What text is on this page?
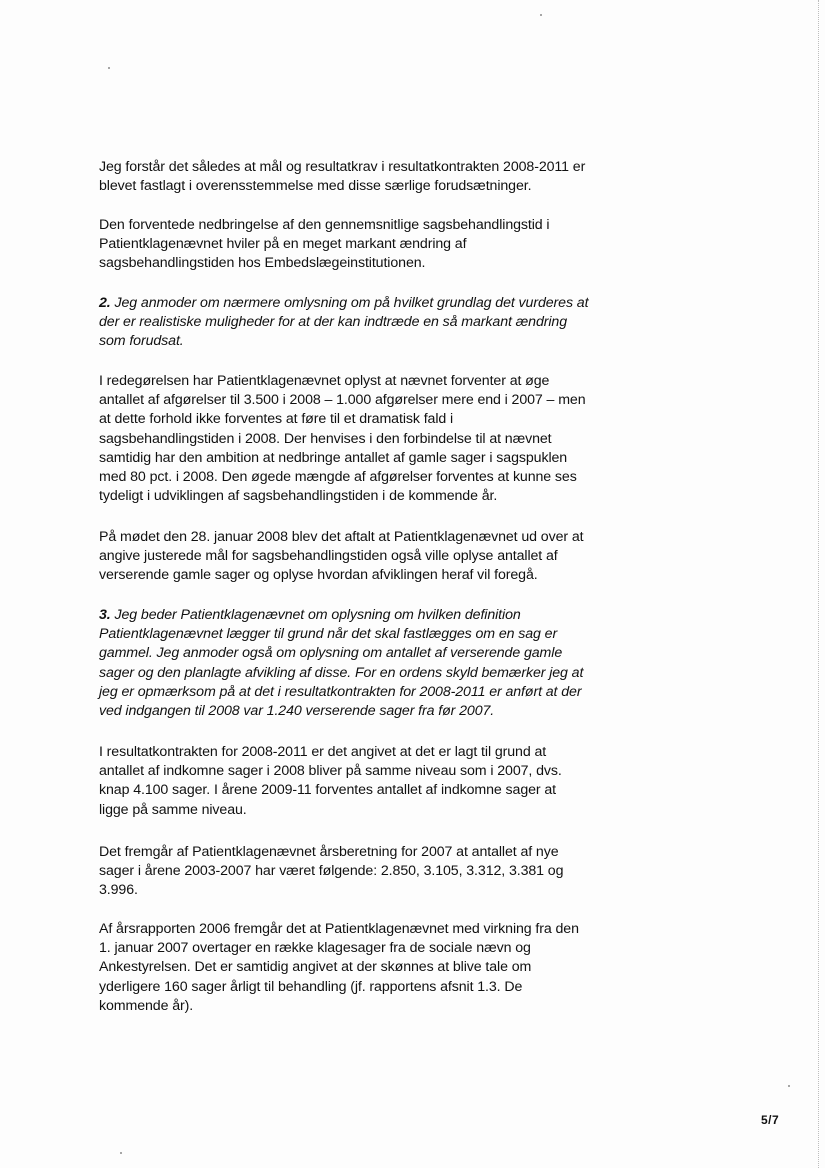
Jeg forstår det således at mål og resultatkrav i resultatkontrakten 2008-2011 er blevet fastlagt i overensstemmelse med disse særlige forudsætninger.

Den forventede nedbringelse af den gennemsnitlige sagsbehandlingstid i Patientklagenævnet hviler på en meget markant ændring af sagsbehandlingstiden hos Embedslægeinstitutionen.

2. Jeg anmoder om nærmere omlysning om på hvilket grundlag det vurderes at der er realistiske muligheder for at der kan indtræde en så markant ændring som forudsat.

I redegørelsen har Patientklagenævnet oplyst at nævnet forventer at øge antallet af afgørelser til 3.500 i 2008 – 1.000 afgørelser mere end i 2007 – men at dette forhold ikke forventes at føre til et dramatisk fald i sagsbehandlingstiden i 2008. Der henvises i den forbindelse til at nævnet samtidig har den ambition at nedbringe antallet af gamle sager i sagspuklen med 80 pct. i 2008. Den øgede mængde af afgørelser forventes at kunne ses tydeligt i udviklingen af sagsbehandlingstiden i de kommende år.

På mødet den 28. januar 2008 blev det aftalt at Patientklagenævnet ud over at angive justerede mål for sagsbehandlingstiden også ville oplyse antallet af verserende gamle sager og oplyse hvordan afviklingen heraf vil foregå.

3. Jeg beder Patientklagenævnet om oplysning om hvilken definition Patientklagenævnet lægger til grund når det skal fastlægges om en sag er gammel. Jeg anmoder også om oplysning om antallet af verserende gamle sager og den planlagte afvikling af disse. For en ordens skyld bemærker jeg at jeg er opmærksom på at det i resultatkontrakten for 2008-2011 er anført at der ved indgangen til 2008 var 1.240 verserende sager fra før 2007.

I resultatkontrakten for 2008-2011 er det angivet at det er lagt til grund at antallet af indkomne sager i 2008 bliver på samme niveau som i 2007, dvs. knap 4.100 sager. I årene 2009-11 forventes antallet af indkomne sager at ligge på samme niveau.

Det fremgår af Patientklagenævnet årsberetning for 2007 at antallet af nye sager i årene 2003-2007 har været følgende: 2.850, 3.105, 3.312, 3.381 og 3.996.

Af årsrapporten 2006 fremgår det at Patientklagenævnet med virkning fra den 1. januar 2007 overtager en række klagesager fra de sociale nævn og Ankestyrelsen. Det er samtidig angivet at der skønnes at blive tale om yderligere 160 sager årligt til behandling (jf. rapportens afsnit 1.3. De kommende år).

5/7
